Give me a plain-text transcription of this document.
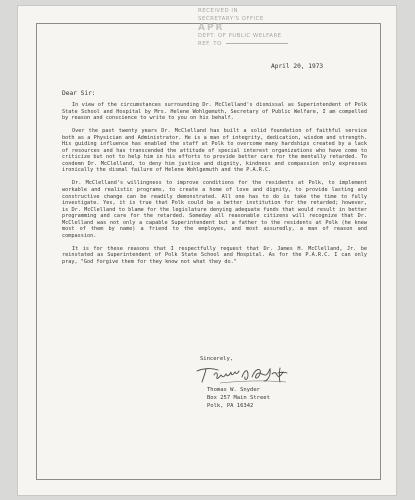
RECEIVED IN
SECRETARY'S OFFICE
APR
DEPT. OF PUBLIC WELFARE
REF. TO
April 20, 1973
Dear Sir:

In view of the circumstances surrounding Dr. McClelland's dismissal as Superintendent of Polk State School and Hospital by Mrs. Helene Wohlgemuth, Secretary of Public Welfare, I am compelled by reason and conscience to write to you on his behalf.

Over the past twenty years Dr. McClelland has built a solid foundation of faithful service both as a Physician and Administrator. He is a man of integrity, dedication, wisdom and strength. His guiding influence has enabled the staff at Polk to overcome many hardships created by a lack of resources and has transcended the attitude of special interest organizations who have come to criticize but not to help him in his efforts to provide better care for the mentally retarded. To condemn Dr. McClelland, to deny him justice and dignity, kindness and compassion only expresses ironically the dismal failure of Helene Wohlgemuth and the P.A.R.C.

Dr. McClelland's willingness to improve conditions for the residents at Polk, to implement workable and realistic programs, to create a home of love and dignity, to provide lasting and constructive change can be readily demonstrated. All one has to do is take the time to fully investigate. Yes, it is true that Polk could be a better institution for the retarded; however, is Dr. McClelland to blame for the legislature denying adequate funds that would result in better programming and care for the retarded. Someday all reasonable citizens will recognize that Dr. McClelland was not only a capable Superintendent but a father to the residents at Polk (he knew most of them by name) a friend to the employes, and most assuredly, a man of reason and compassion.

It is for these reasons that I respectfully request that Dr. James H. McClelland, Jr. be reinstated as Superintendent of Polk State School and Hospital. As for the P.A.R.C. I can only pray, "God forgive them for they know not what they do."

Sincerely,
Thomas W. Snyder
Box 257 Main Street
Polk, PA 16342
